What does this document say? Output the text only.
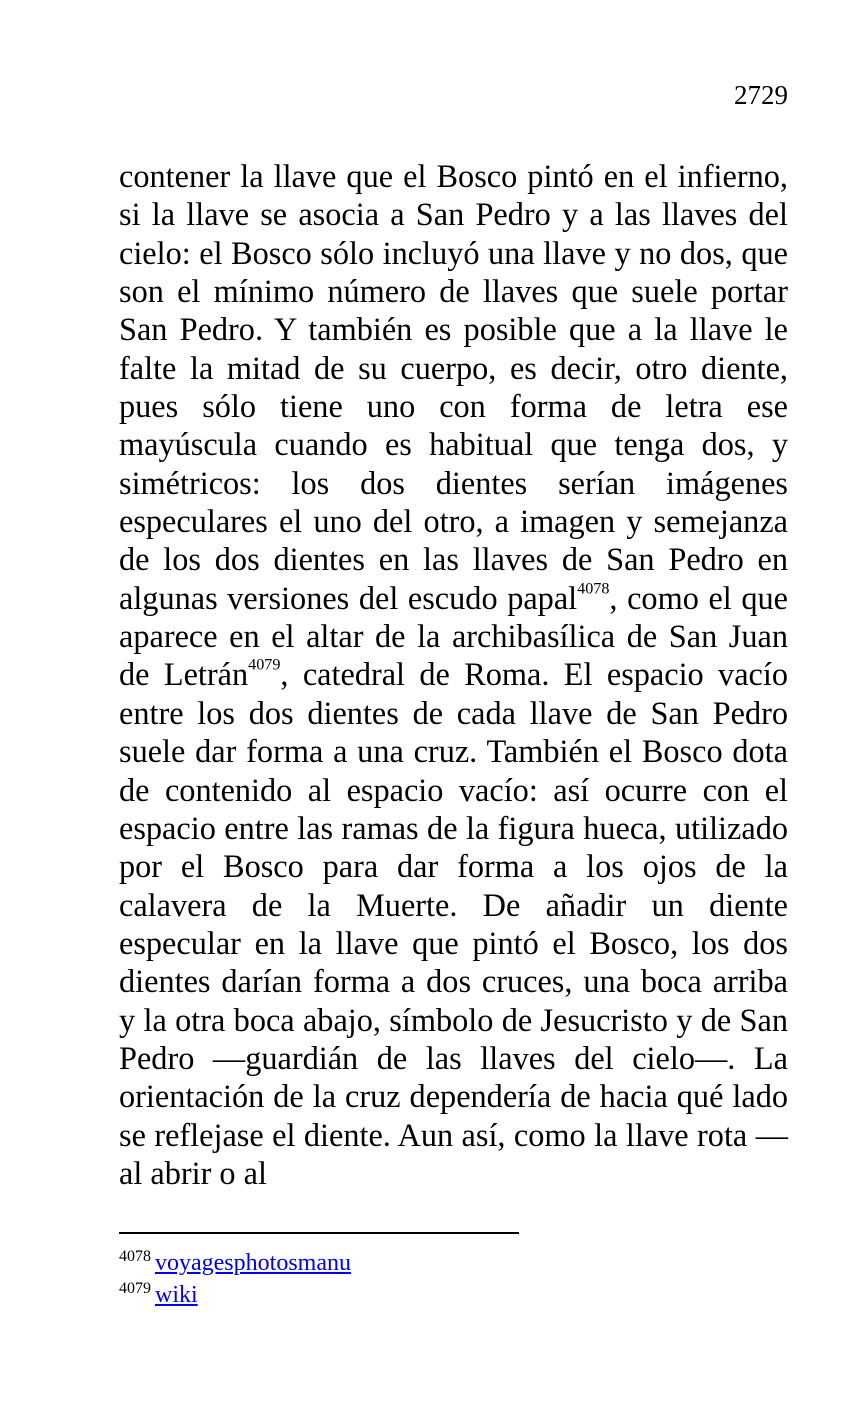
2729

contener la llave que el Bosco pintó en el infierno, si la llave se asocia a San Pedro y a las llaves del cielo: el Bosco sólo incluyó una llave y no dos, que son el mínimo número de llaves que suele portar San Pedro. Y también es posible que a la llave le falte la mitad de su cuerpo, es decir, otro diente, pues sólo tiene uno con forma de letra ese mayúscula cuando es habitual que tenga dos, y simétricos: los dos dientes serían imágenes especulares el uno del otro, a imagen y semejanza de los dos dientes en las llaves de San Pedro en algunas versiones del escudo papal$^{4078}$, como el que aparece en el altar de la archibasílica de San Juan de Letrán$^{4079}$, catedral de Roma. El espacio vacío entre los dos dientes de cada llave de San Pedro suele dar forma a una cruz. También el Bosco dota de contenido al espacio vacío: así ocurre con el espacio entre las ramas de la figura hueca, utilizado por el Bosco para dar forma a los ojos de la calavera de la Muerte. De añadir un diente especular en la llave que pintó el Bosco, los dos dientes darían forma a dos cruces, una boca arriba y la otra boca abajo, símbolo de Jesucristo y de San Pedro —guardián de las llaves del cielo—. La orientación de la cruz dependería de hacia qué lado se reflejase el diente. Aun así, como la llave rota —al abrir o al

$^{4078}$ voyagesphotosmanu
$^{4079}$ wiki
